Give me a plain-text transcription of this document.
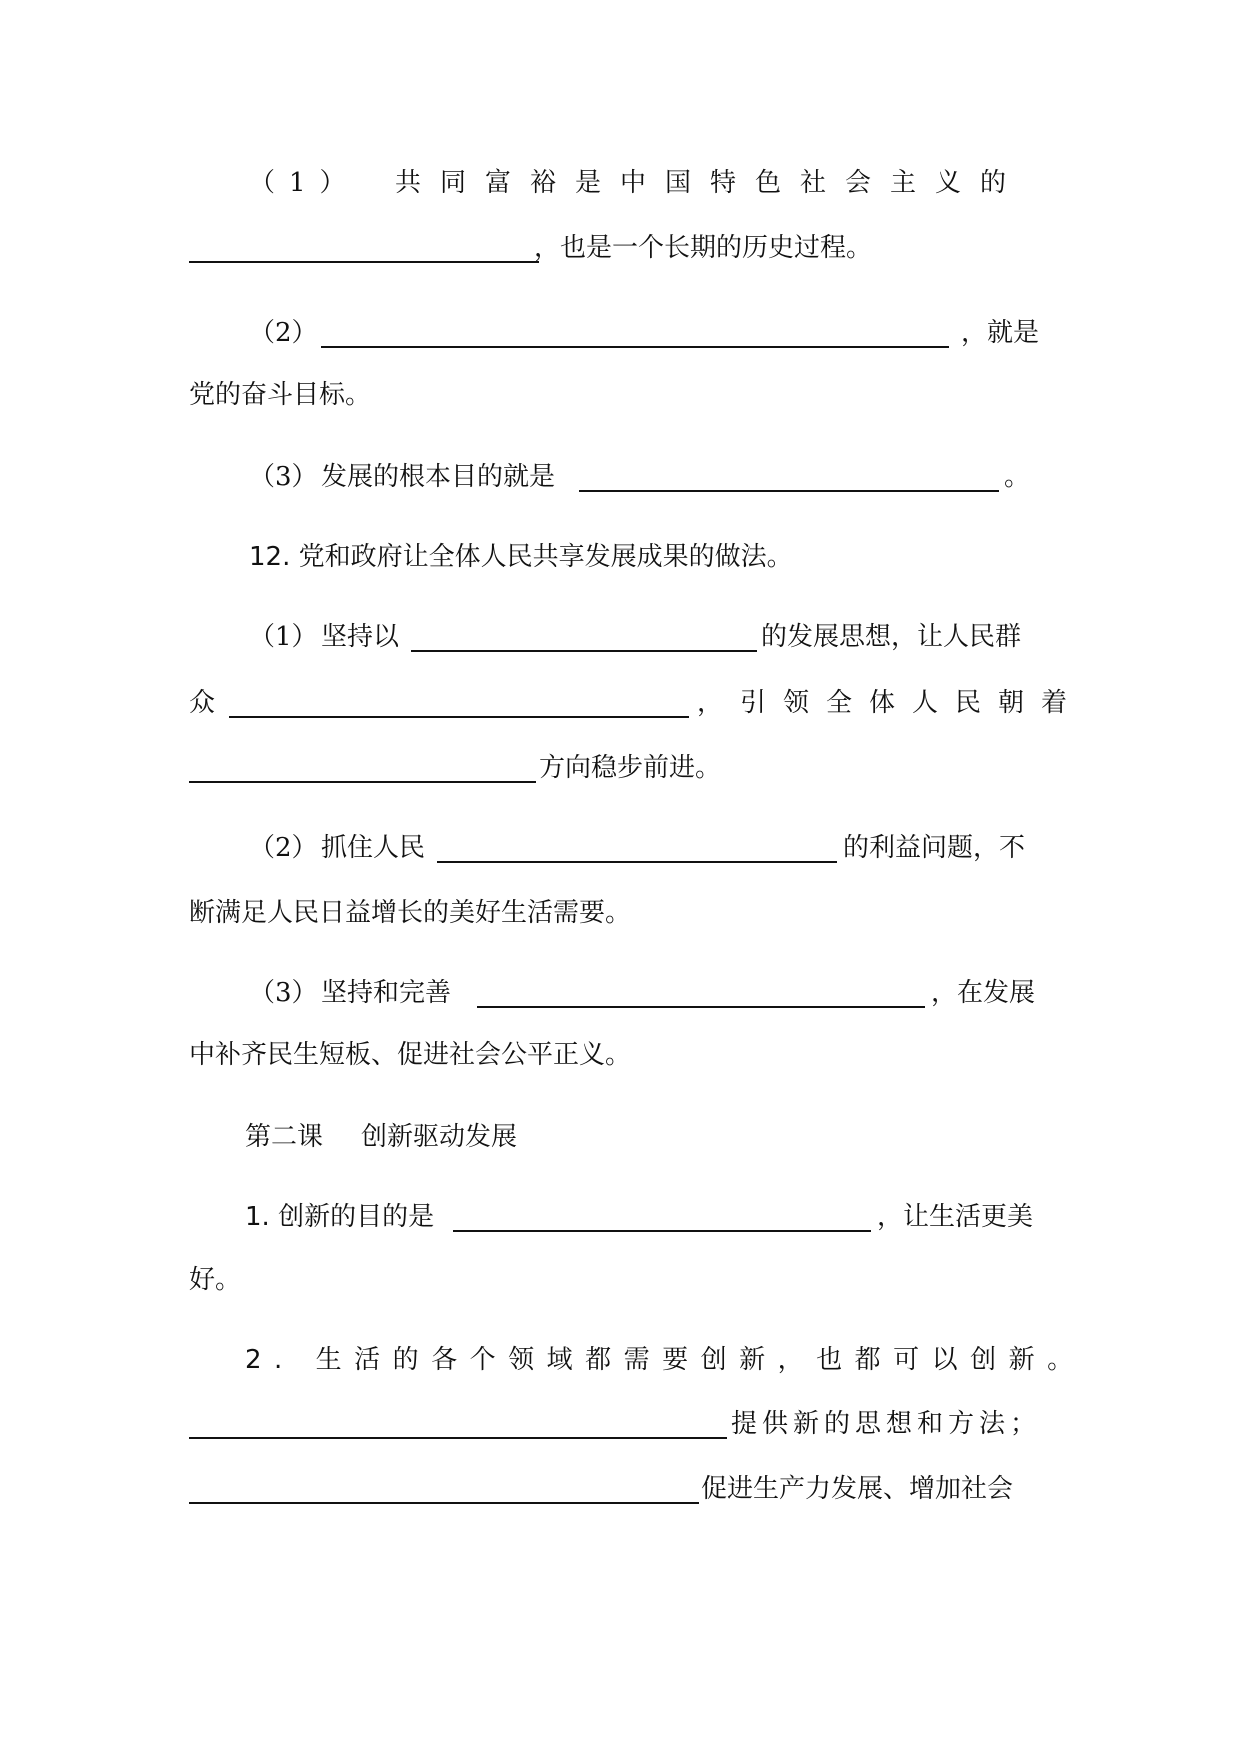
（1） 共同富裕是中国特色社会主义的
，也是一个长期的历史过程。
（2）	，就是
党的奋斗目标。
（3） 发展的根本目的就是	。
12. 党和政府让全体人民共享发展成果的做法。
（1） 坚持以	的发展思想，让人民群
众	，引领全体人民朝着
方向稳步前进。
（2） 抓住人民	的利益问题，不
断满足人民日益增长的美好生活需要。
（3） 坚持和完善	，在发展
中补齐民生短板、促进社会公平正义。
第二课 创新驱动发展
1. 创新的目的是	，让生活更美
好。
2. 生活的各个领域都需要创新，也都可以创新。
提供新的思想和方法；
促进生产力发展、增加社会
